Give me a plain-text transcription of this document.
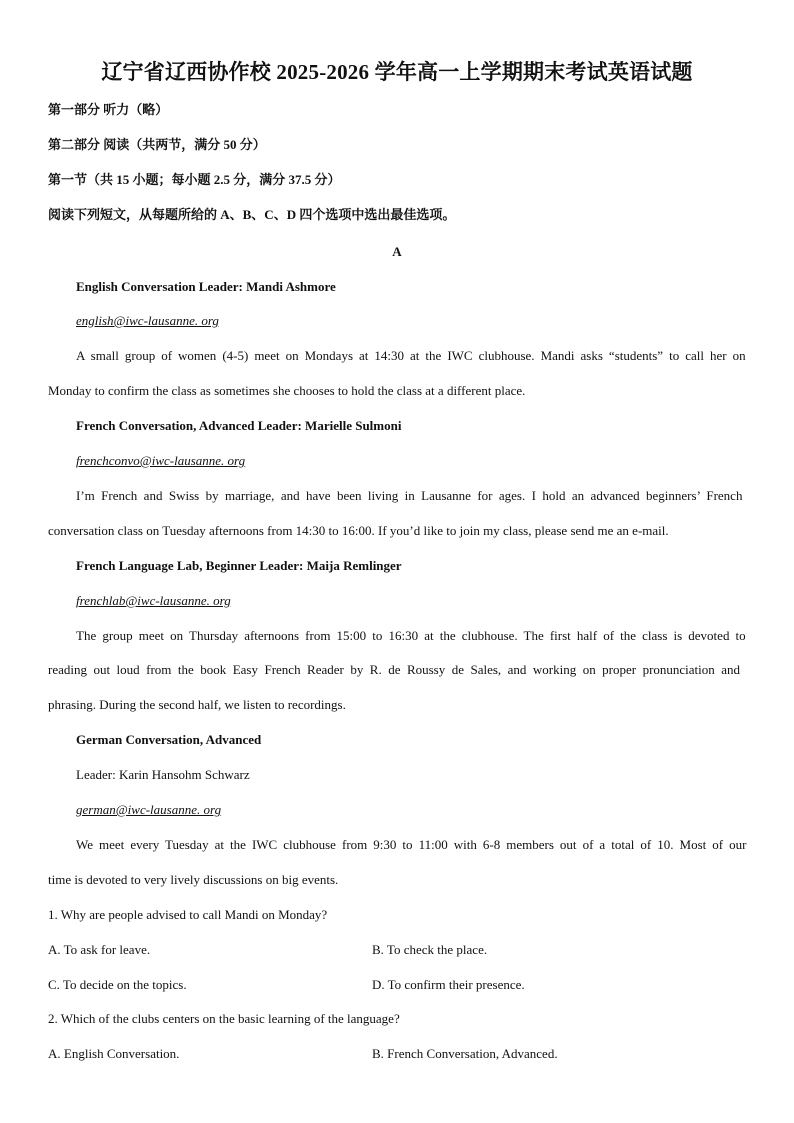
辽宁省辽西协作校 2025-2026 学年高一上学期期末考试英语试题
第一部分 听力（略）
第二部分 阅读（共两节，满分 50 分）
第一节（共 15 小题；每小题 2.5 分，满分 37.5 分）
阅读下列短文，从每题所给的 A、B、C、D 四个选项中选出最佳选项。
A
English Conversation Leader: Mandi Ashmore
english@iwc-lausanne. org
A small group of women (4-5) meet on Mondays at 14:30 at the IWC clubhouse. Mandi asks “students” to call her on
Monday to confirm the class as sometimes she chooses to hold the class at a different place.
French Conversation, Advanced Leader: Marielle Sulmoni
frenchconvo@iwc-lausanne. org
I’m French and Swiss by marriage, and have been living in Lausanne for ages. I hold an advanced beginners’ French
conversation class on Tuesday afternoons from 14:30 to 16:00. If you’d like to join my class, please send me an e-mail.
French Language Lab, Beginner Leader: Maija Remlinger
frenchlab@iwc-lausanne. org
The group meet on Thursday afternoons from 15:00 to 16:30 at the clubhouse. The first half of the class is devoted to
reading out loud from the book Easy French Reader by R. de Roussy de Sales, and working on proper pronunciation and
phrasing. During the second half, we listen to recordings.
German Conversation, Advanced
Leader: Karin Hansohm Schwarz
german@iwc-lausanne. org
We meet every Tuesday at the IWC clubhouse from 9:30 to 11:00 with 6-8 members out of a total of 10. Most of our
time is devoted to very lively discussions on big events.
1. Why are people advised to call Mandi on Monday?
A. To ask for leave.	B. To check the place.
C. To decide on the topics.	D. To confirm their presence.
2. Which of the clubs centers on the basic learning of the language?
A. English Conversation.	B. French Conversation, Advanced.
